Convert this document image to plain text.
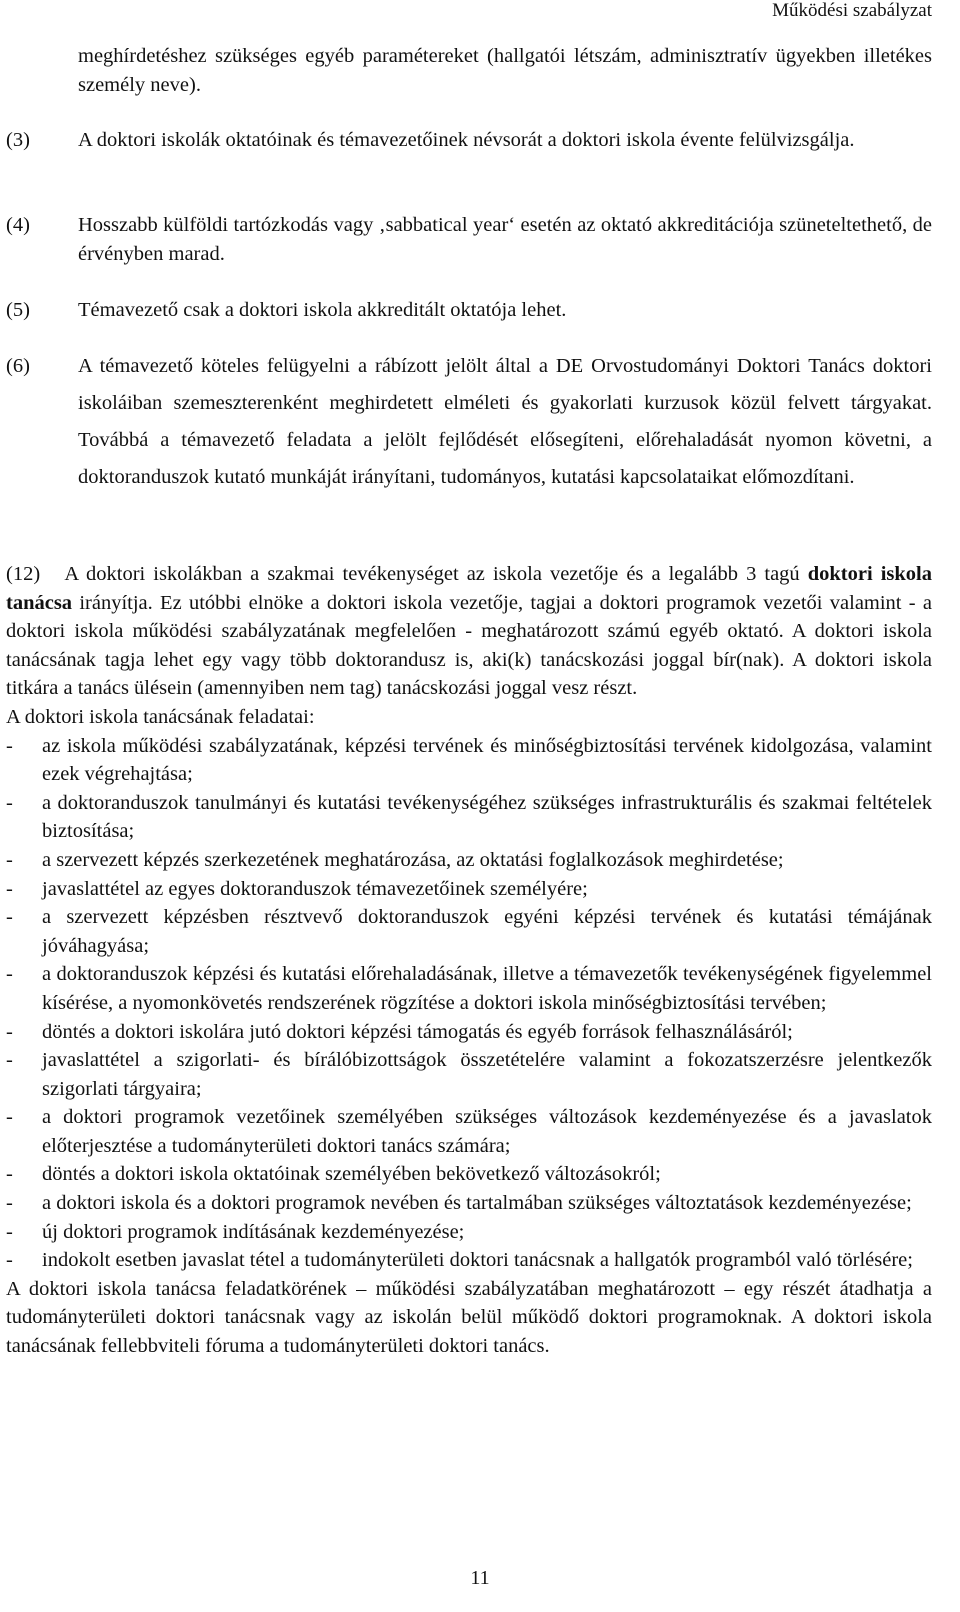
Működési szabályzat
meghírdetéshez szükséges egyéb paramétereket (hallgatói létszám, adminisztratív ügyekben illetékes személy neve).
(3)	A doktori iskolák oktatóinak és témavezetőinek névsorát a doktori iskola évente felülvizsgálja.
(4)	Hosszabb külföldi tartózkodás vagy ‚sabbatical year‘ esetén az oktató akkreditációja szüneteltethető, de érvényben marad.
(5)	Témavezető csak a doktori iskola akkreditált oktatója lehet.
(6)	A témavezető köteles felügyelni a rábízott jelölt által a DE Orvostudományi Doktori Tanács doktori iskoláiban szemeszterenként meghirdetett elméleti és gyakorlati kurzusok közül felvett tárgyakat. Továbbá a témavezető feladata a jelölt fejlődését elősegíteni, előrehaladását nyomon követni, a doktoranduszok kutató munkáját irányítani, tudományos, kutatási kapcsolataikat előmozdítani.

(12) A doktori iskolákban a szakmai tevékenységet az iskola vezetője és a legalább 3 tagú doktori iskola tanácsa irányítja. Ez utóbbi elnöke a doktori iskola vezetője, tagjai a doktori programok vezetői valamint - a doktori iskola működési szabályzatának megfelelően - meghatározott számú egyéb oktató. A doktori iskola tanácsának tagja lehet egy vagy több doktorandusz is, aki(k) tanácskozási joggal bír(nak). A doktori iskola titkára a tanács ülésein (amennyiben nem tag) tanácskozási joggal vesz részt.

A doktori iskola tanácsának feladatai:
-	az iskola működési szabályzatának, képzési tervének és minőségbiztosítási tervének kidolgozása, valamint ezek végrehajtása;
-	a doktoranduszok tanulmányi és kutatási tevékenységéhez szükséges infrastrukturális és szakmai feltételek biztosítása;
-	a szervezett képzés szerkezetének meghatározása, az oktatási foglalkozások meghirdetése;
-	javaslattétel az egyes doktoranduszok témavezetőinek személyére;
-	a szervezett képzésben résztvevő doktoranduszok egyéni képzési tervének és kutatási témájának jóváhagyása;
-	a doktoranduszok képzési és kutatási előrehaladásának, illetve a témavezetők tevékenységének figyelemmel kísérése, a nyomonkövetés rendszerének rögzítése a doktori iskola minőségbiztosítási tervében;
-	döntés a doktori iskolára jutó doktori képzési támogatás és egyéb források felhasználásáról;
-	javaslattétel a szigorlati- és bírálóbizottságok összetételére valamint a fokozatszerzésre jelentkezők szigorlati tárgyaira;
-	a doktori programok vezetőinek személyében szükséges változások kezdeményezése és a javaslatok előterjesztése a tudományterületi doktori tanács számára;
-	döntés a doktori iskola oktatóinak személyében bekövetkező változásokról;
-	a doktori iskola és a doktori programok nevében és tartalmában szükséges változtatások kezdeményezése;
-	új doktori programok indításának kezdeményezése;
-	indokolt esetben javaslat tétel a tudományterületi doktori tanácsnak a hallgatók programból való törlésére;

A doktori iskola tanácsa feladatkörének – működési szabályzatában meghatározott – egy részét átadhatja a tudományterületi doktori tanácsnak vagy az iskolán belül működő doktori programoknak. A doktori iskola tanácsának fellebbviteli fóruma a tudományterületi doktori tanács.

11
